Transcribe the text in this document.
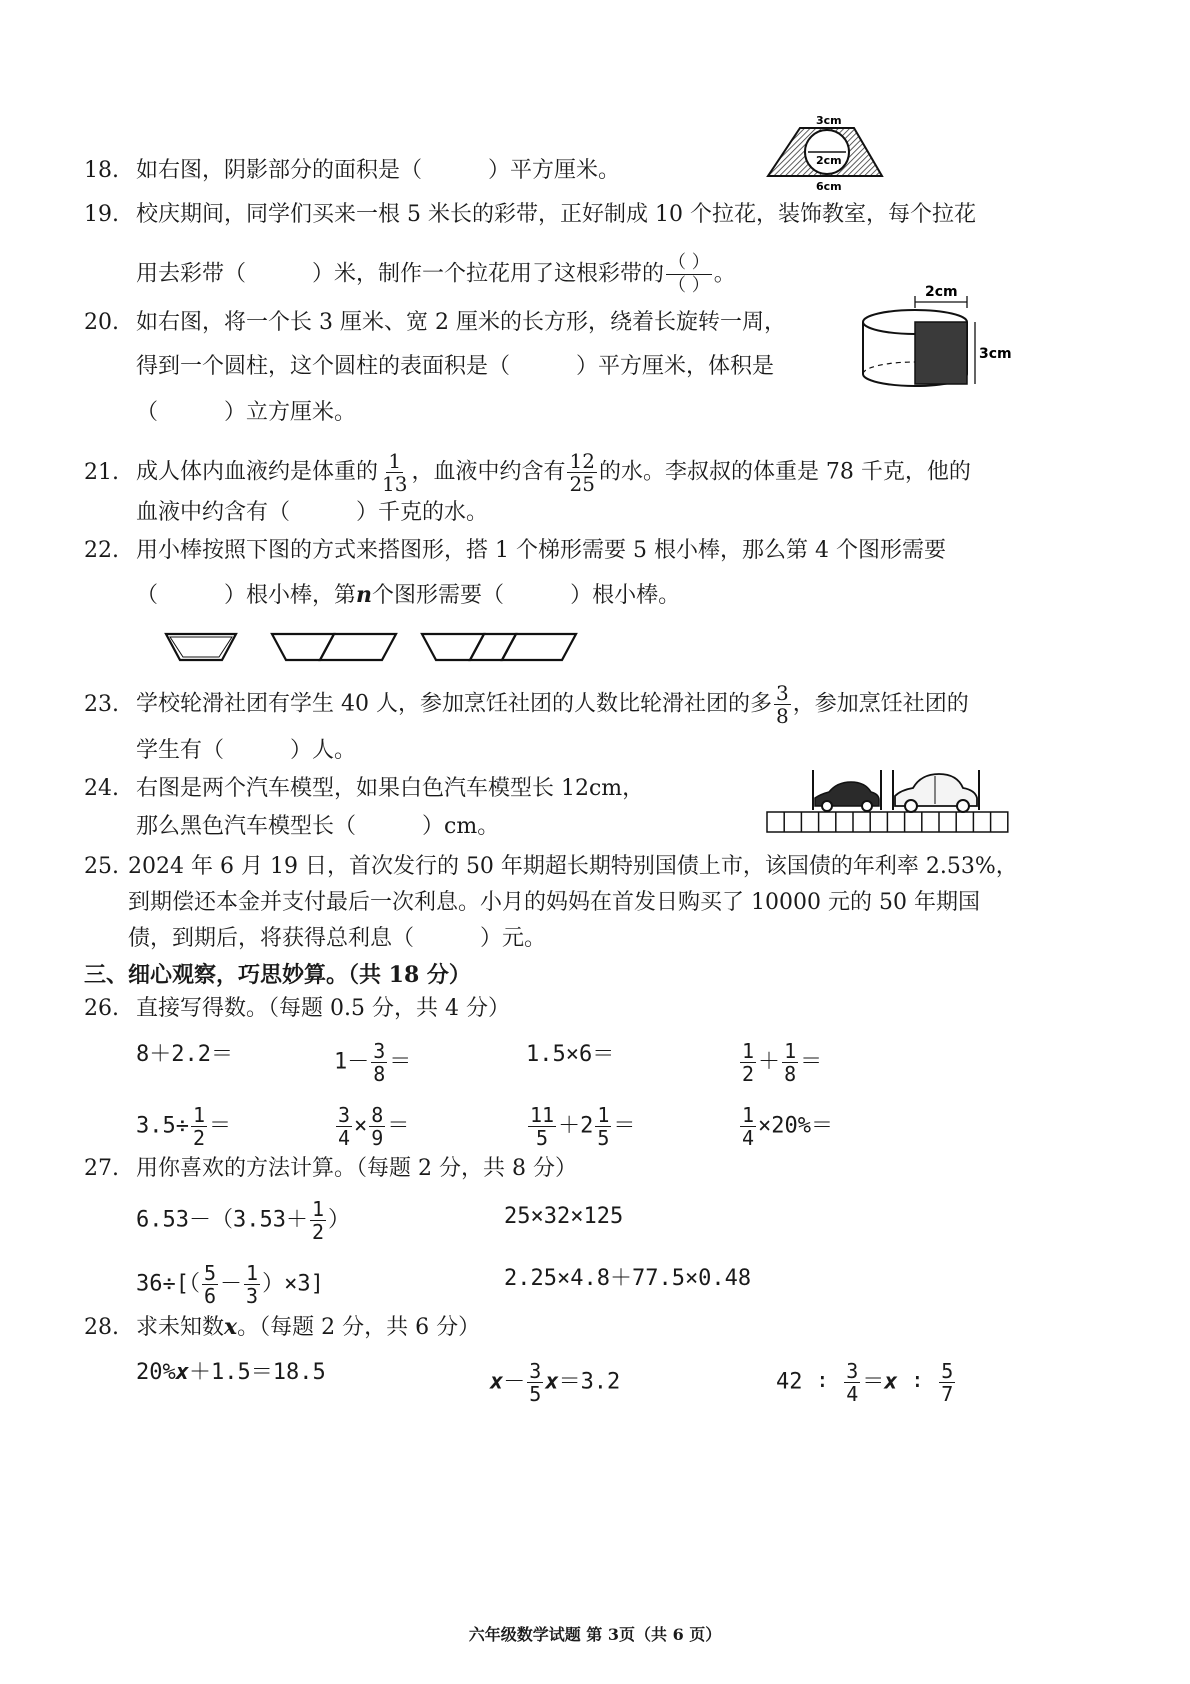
18. 如右图，阴影部分的面积是（　　　	）平方厘米。
3cm
2cm
6cm
19. 校庆期间，同学们买来一根 5 米长的彩带，正好制成 10 个拉花，装饰教室，每个拉花
用去彩带（　　　	）米，制作一个拉花用了这根彩带的 $\frac{( )}{( )}$ 。
20. 如右图，将一个长 3 厘米、宽 2 厘米的长方形，绕着长旋转一周，
得到一个圆柱，这个圆柱的表面积是（　　　	）平方厘米，体积是
（　　　	）立方厘米。
2cm
3cm
21. 成人体内血液约是体重的 $\frac{1}{13}$ ，血液中约含有 $\frac{12}{25}$ 的水。李叔叔的体重是 78 千克，他的
血液中约含有（　　　	）千克的水。
22. 用小棒按照下图的方式来搭图形，搭 1 个梯形需要 5 根小棒，那么第 4 个图形需要
（　　　	）根小棒，第n个图形需要（　　　	）根小棒。
23. 学校轮滑社团有学生 40 人，参加烹饪社团的人数比轮滑社团的多 $\frac{3}{8}$ ，参加烹饪社团的
学生有（　　　	）人。
24. 右图是两个汽车模型，如果白色汽车模型长 12cm，
那么黑色汽车模型长（　　　	）cm。
25. 2024 年 6 月 19 日，首次发行的 50 年期超长期特别国债上市，该国债的年利率 2.53%，
到期偿还本金并支付最后一次利息。小月的妈妈在首发日购买了 10000 元的 50 年期国
债，到期后，将获得总利息（　　　	）元。
三、细心观察，巧思妙算。（共 18 分）
26. 直接写得数。（每题 0.5 分，共 4 分）
8＋2.2＝	$1- \frac{3}{8}$ ＝	1.5×6＝	$\frac{1}{2} + \frac{1}{8}$ ＝
$3.5\div \frac{1}{2}$ ＝	$\frac{3}{4} \times \frac{8}{9}$ ＝	$\frac{11}{5} +2 \frac{1}{5}$ ＝	$\frac{1}{4} \times 20\%=$
27. 用你喜欢的方法计算。（每题 2 分，共 8 分）
$6.53-(3.53+ \frac{1}{2}$ ）	25×32×125
$36\div[( \frac{5}{6} - \frac{1}{3} )\times 3]$	2.25×4.8＋77.5×0.48
28. 求未知数x。（每题 2 分，共 6 分）
20%x＋1.5＝18.5	$x- \frac{3}{5} x=3.2$	42 ∶ $\frac{3}{4} =x$ ∶ $\frac{5}{7}$
六年级数学试题 第 3页（共 6 页）
